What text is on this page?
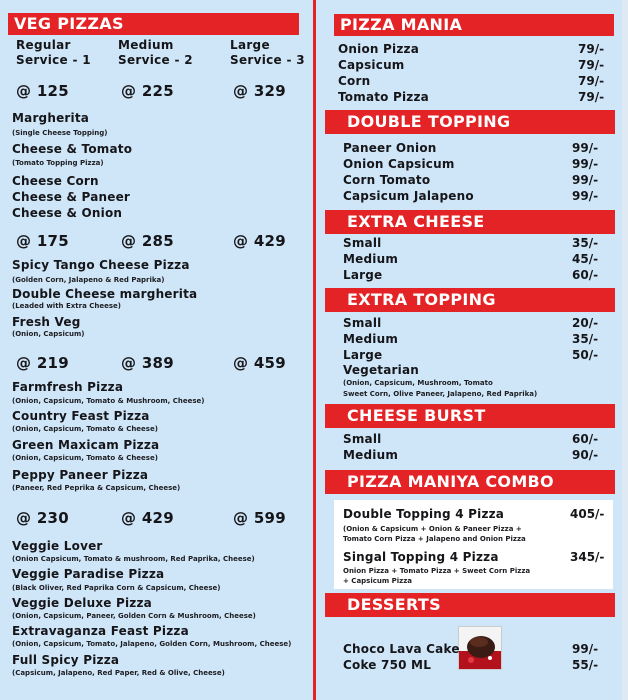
VEG PIZZAS
Regular
Service - 1
Medium
Service - 2
Large
Service - 3
@ 125	@ 225	@ 329
Margherita
(Single Cheese Topping)
Cheese & Tomato
(Tomato Topping Pizza)
Cheese Corn
Cheese & Paneer
Cheese & Onion
@ 175	@ 285	@ 429
Spicy Tango Cheese Pizza
(Golden Corn, Jalapeno & Red Paprika)
Double Cheese margherita
(Leaded with Extra Cheese)
Fresh Veg
(Onion, Capsicum)
@ 219	@ 389	@ 459
Farmfresh Pizza
(Onion, Capsicum, Tomato & Mushroom, Cheese)
Country Feast Pizza
(Onion, Capsicum, Tomato & Cheese)
Green Maxicam Pizza
(Onion, Capsicum, Tomato & Cheese)
Peppy Paneer Pizza
(Paneer, Red Peprika & Capsicum, Cheese)
@ 230	@ 429	@ 599
Veggie Lover
(Onion Capsicum, Tomato & mushroom, Red Paprika, Cheese)
Veggie Paradise Pizza
(Black Oliver, Red Paprika Corn & Capsicum, Cheese)
Veggie Deluxe Pizza
(Onion, Capsicum, Paneer, Golden Corn & Mushroom, Cheese)
Extravaganza Feast Pizza
(Onion, Capsicum, Tomato, Jalapeno, Golden Corn, Mushroom, Cheese)
Full Spicy Pizza
(Capsicum, Jalapeno, Red Paper, Red & Olive, Cheese)
PIZZA MANIA
Onion Pizza	79/-
Capsicum	79/-
Corn	79/-
Tomato Pizza	79/-
DOUBLE TOPPING
Paneer Onion	99/-
Onion Capsicum	99/-
Corn Tomato	99/-
Capsicum Jalapeno	99/-
EXTRA CHEESE
Small	35/-
Medium	45/-
Large	60/-
EXTRA TOPPING
Small	20/-
Medium	35/-
Large	50/-
Vegetarian
(Onion, Capsicum, Mushroom, Tomato
Sweet Corn, Olive Paneer, Jalapeno, Red Paprika)
CHEESE BURST
Small	60/-
Medium	90/-
PIZZA MANIYA COMBO
Double Topping 4 Pizza	405/-
(Onion & Capsicum + Onion & Paneer Pizza +
Tomato Corn Pizza + Jalapeno and Onion Pizza
Singal Topping 4 Pizza	345/-
Onion Pizza + Tomato Pizza + Sweet Corn Pizza
+ Capsicum Pizza
DESSERTS
Choco Lava Cake	99/-
Coke 750 ML	55/-
